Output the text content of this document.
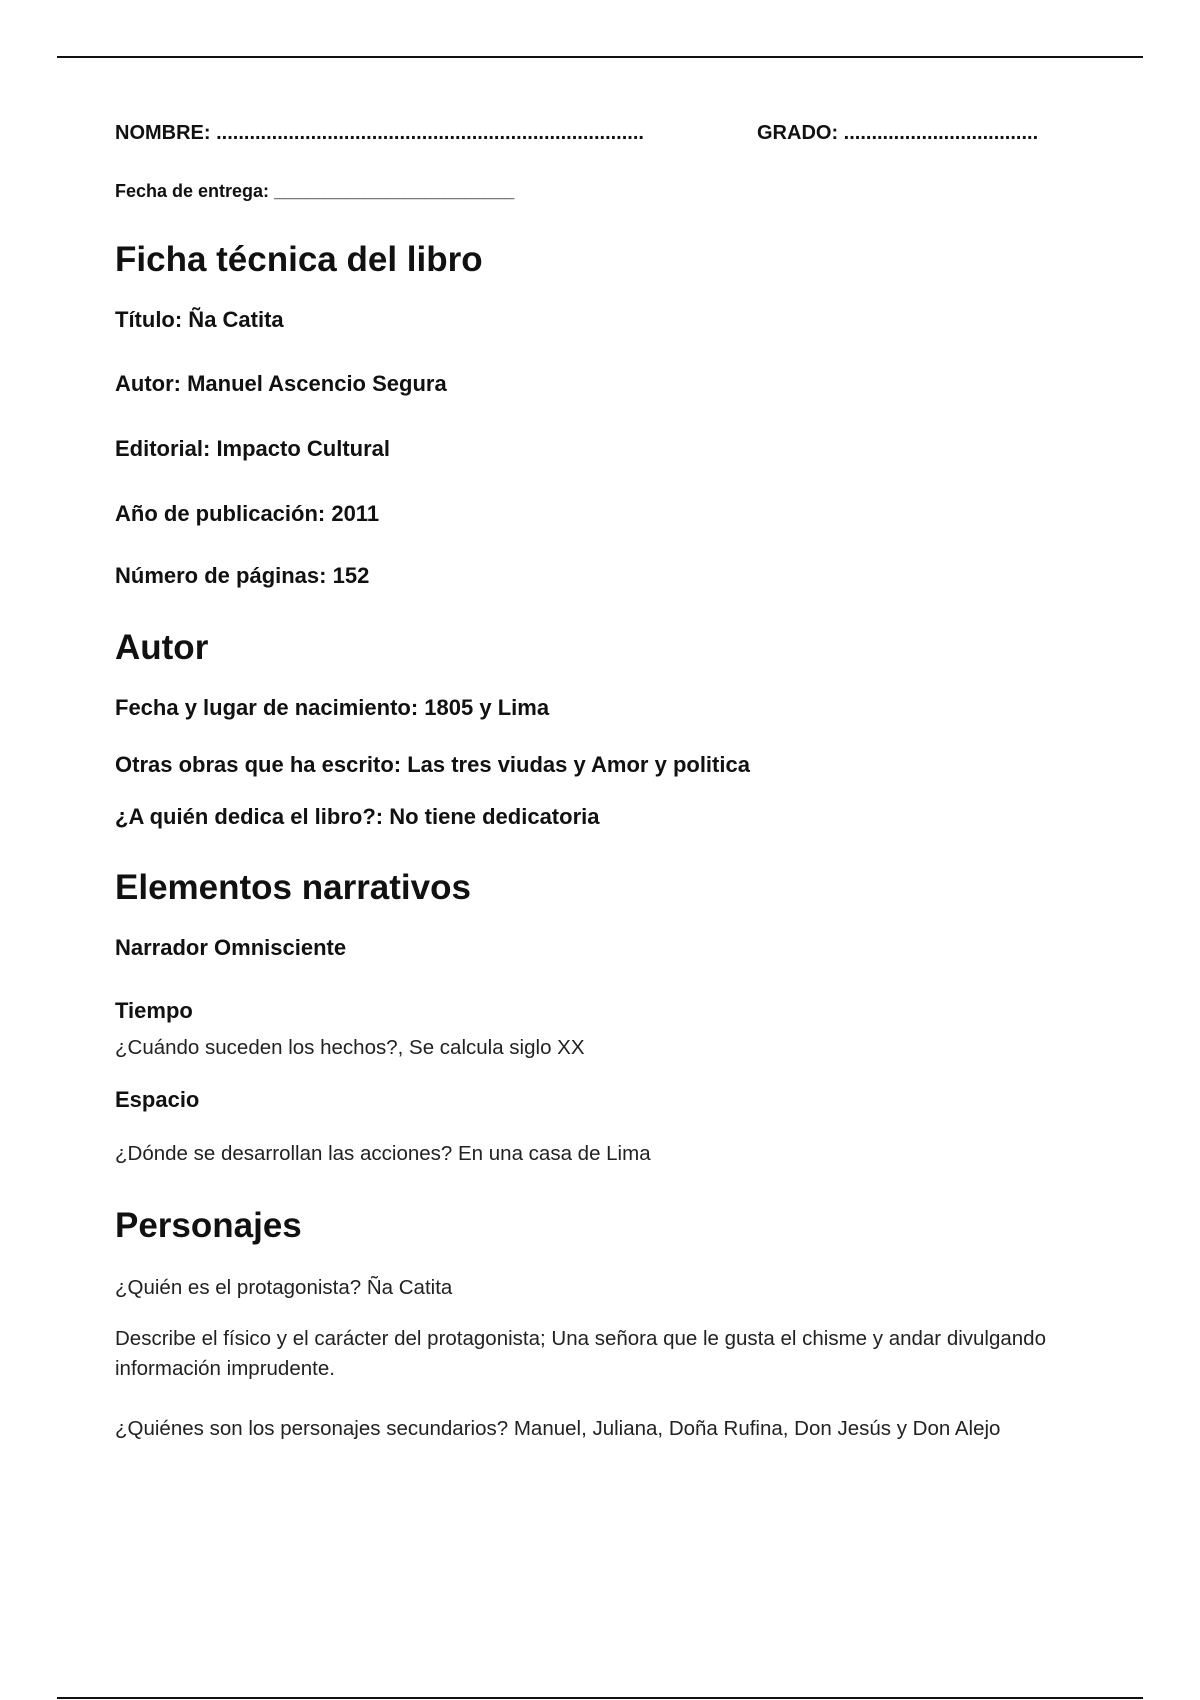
NOMBRE: .............................................................................	GRADO: ...................................
Fecha de entrega: ________________________
Ficha técnica del libro
Título: Ña Catita
Autor: Manuel Ascencio Segura
Editorial: Impacto Cultural
Año de publicación: 2011
Número de páginas: 152
Autor
Fecha y lugar de nacimiento: 1805 y Lima
Otras obras que ha escrito: Las tres viudas y Amor y politica
¿A quién dedica el libro?: No tiene dedicatoria
Elementos narrativos
Narrador Omnisciente
Tiempo
¿Cuándo suceden los hechos?, Se calcula siglo XX
Espacio
¿Dónde se desarrollan las acciones? En una casa de Lima
Personajes
¿Quién es el protagonista? Ña Catita
Describe el físico y el carácter del protagonista; Una señora que le gusta el chisme y andar divulgando información imprudente.
¿Quiénes son los personajes secundarios? Manuel, Juliana, Doña Rufina, Don Jesús y Don Alejo
